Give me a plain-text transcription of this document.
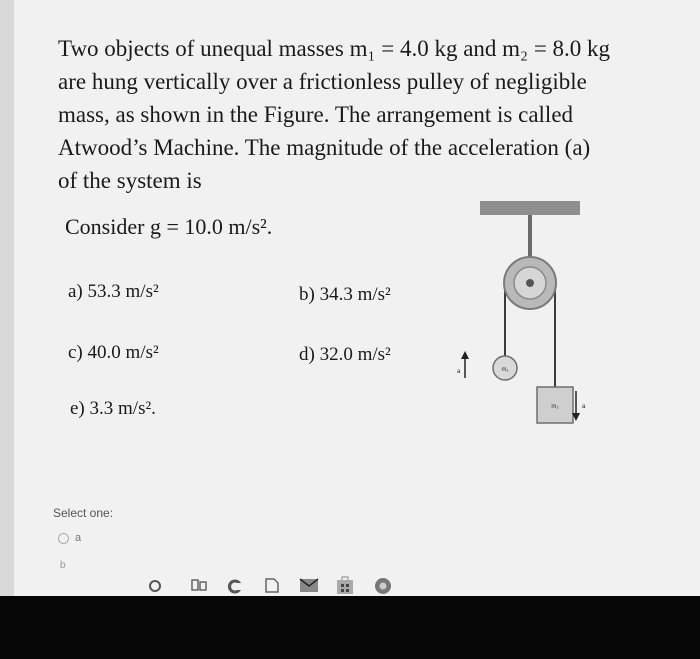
Two objects of unequal masses m₁ = 4.0 kg and m₂ = 8.0 kg

are hung vertically over a frictionless pulley of negligible

mass, as shown in the Figure. The arrangement is called

Atwood’s Machine. The magnitude of the acceleration (a)

of the system is

Consider g = 10.0 m/s².
a) 53.3 m/s²	b) 34.3 m/s²
c) 40.0 m/s²	d) 32.0 m/s²
e) 3.3 m/s².
m₁
m₂
a
a
Select one:
a
b
